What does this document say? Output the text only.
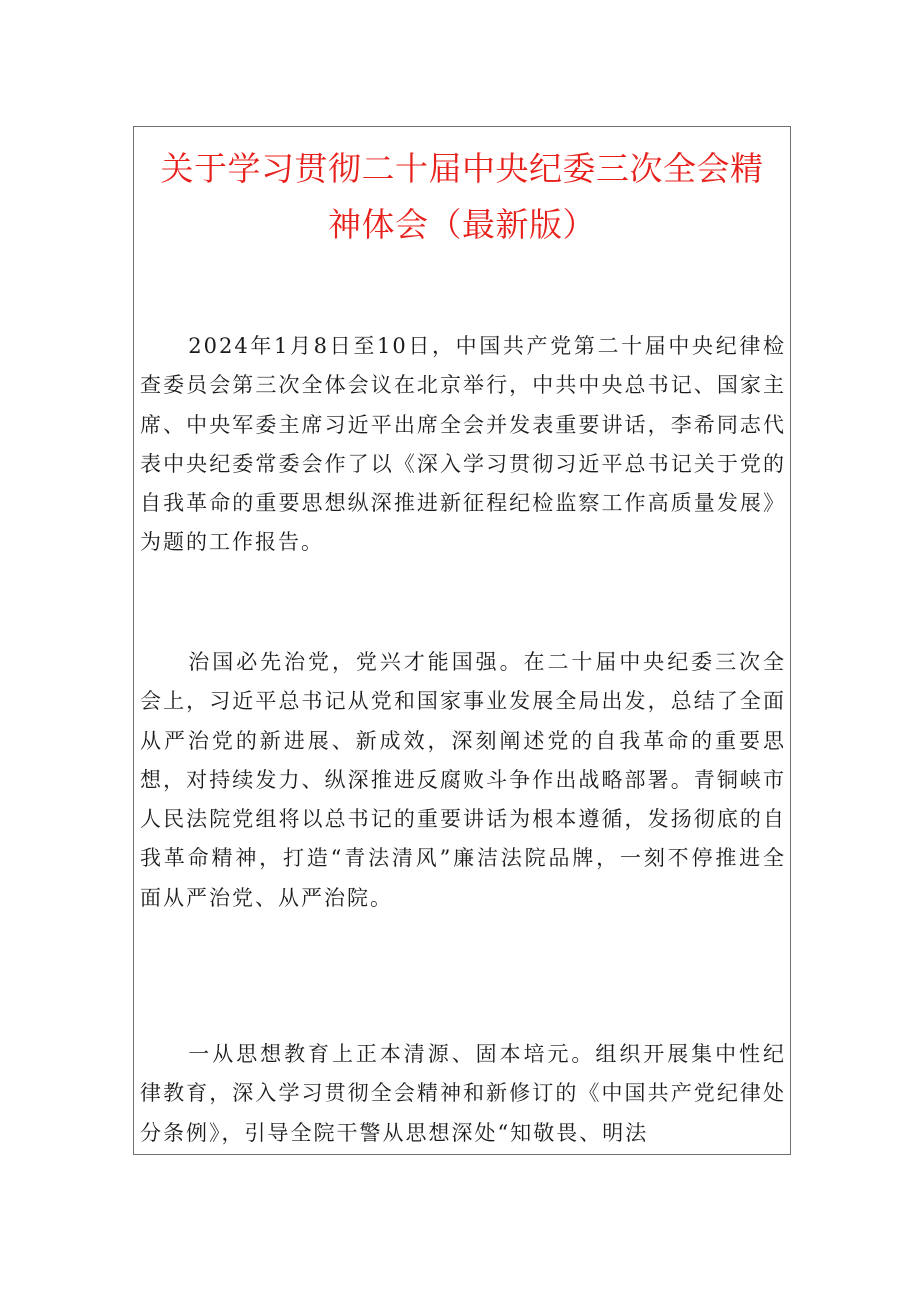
关于学习贯彻二十届中央纪委三次全会精
神体会（最新版）

2024年1月8日至10日，中国共产党第二十届中央纪律检查委员会第三次全体会议在北京举行，中共中央总书记、国家主席、中央军委主席习近平出席全会并发表重要讲话，李希同志代表中央纪委常委会作了以《深入学习贯彻习近平总书记关于党的自我革命的重要思想纵深推进新征程纪检监察工作高质量发展》为题的工作报告。

治国必先治党，党兴才能国强。在二十届中央纪委三次全会上，习近平总书记从党和国家事业发展全局出发，总结了全面从严治党的新进展、新成效，深刻阐述党的自我革命的重要思想，对持续发力、纵深推进反腐败斗争作出战略部署。青铜峡市人民法院党组将以总书记的重要讲话为根本遵循，发扬彻底的自我革命精神，打造“青法清风”廉洁法院品牌，一刻不停推进全面从严治党、从严治院。

一从思想教育上正本清源、固本培元。组织开展集中性纪律教育，深入学习贯彻全会精神和新修订的《中国共产党纪律处分条例》，引导全院干警从思想深处“知敬畏、明法
